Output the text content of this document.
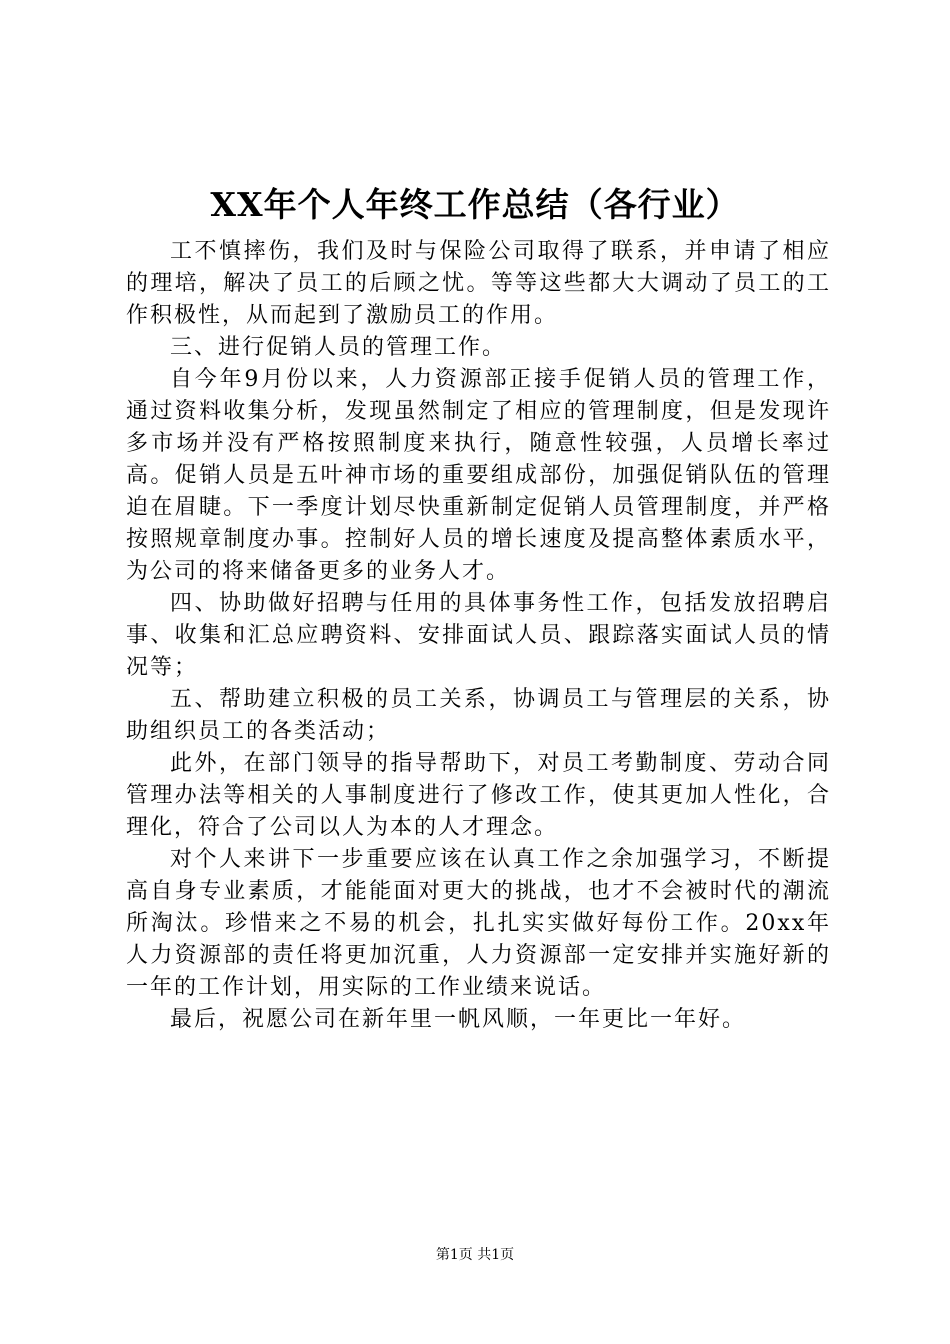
XX年个人年终工作总结（各行业）

工不慎摔伤，我们及时与保险公司取得了联系，并申请了相应的理培，解决了员工的后顾之忧。等等这些都大大调动了员工的工作积极性，从而起到了激励员工的作用。

三、进行促销人员的管理工作。

自今年9月份以来，人力资源部正接手促销人员的管理工作，通过资料收集分析，发现虽然制定了相应的管理制度，但是发现许多市场并没有严格按照制度来执行，随意性较强，人员增长率过高。促销人员是五叶神市场的重要组成部份，加强促销队伍的管理迫在眉睫。下一季度计划尽快重新制定促销人员管理制度，并严格按照规章制度办事。控制好人员的增长速度及提高整体素质水平，为公司的将来储备更多的业务人才。

四、协助做好招聘与任用的具体事务性工作，包括发放招聘启事、收集和汇总应聘资料、安排面试人员、跟踪落实面试人员的情况等；

五、帮助建立积极的员工关系，协调员工与管理层的关系，协助组织员工的各类活动；

此外，在部门领导的指导帮助下，对员工考勤制度、劳动合同管理办法等相关的人事制度进行了修改工作，使其更加人性化，合理化，符合了公司以人为本的人才理念。

对个人来讲下一步重要应该在认真工作之余加强学习，不断提高自身专业素质，才能能面对更大的挑战，也才不会被时代的潮流所淘汰。珍惜来之不易的机会，扎扎实实做好每份工作。20xx年人力资源部的责任将更加沉重，人力资源部一定安排并实施好新的一年的工作计划，用实际的工作业绩来说话。

最后，祝愿公司在新年里一帆风顺，一年更比一年好。

第1页 共1页
